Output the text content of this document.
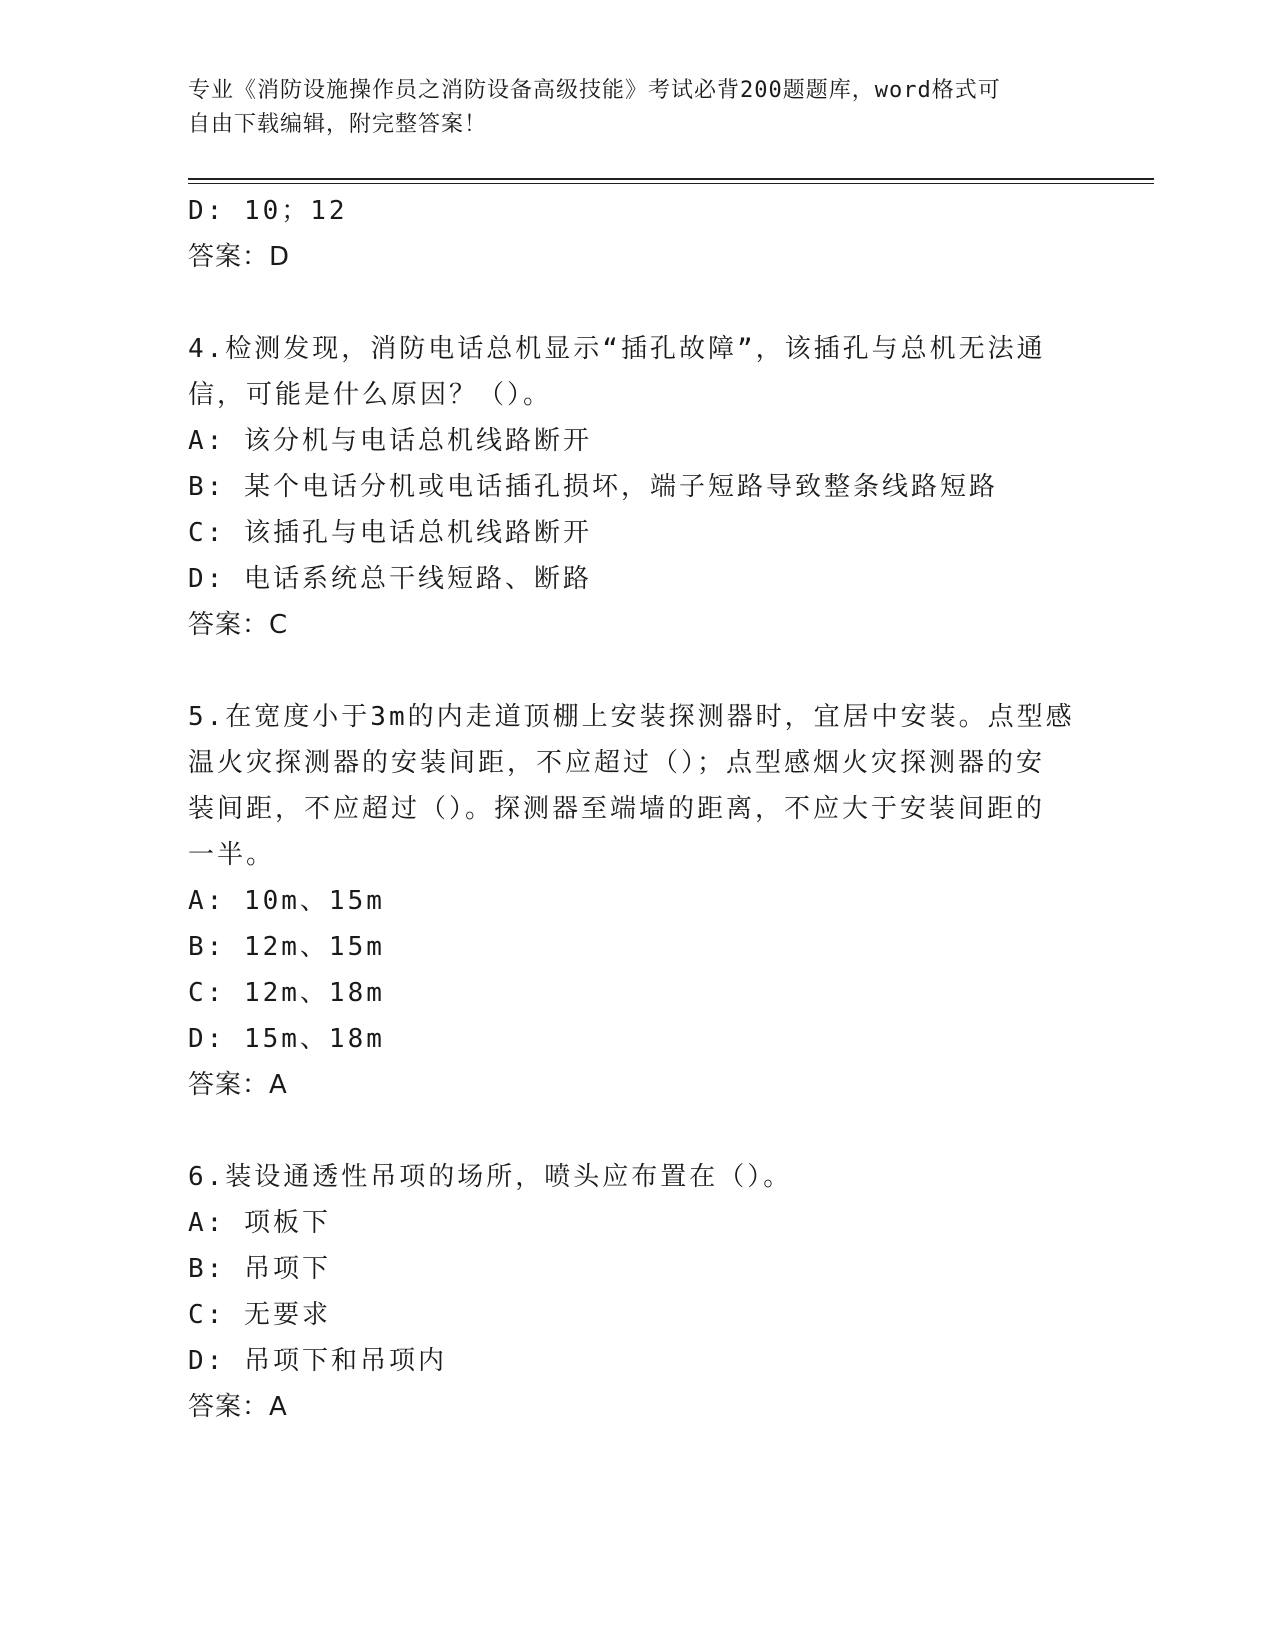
专业《消防设施操作员之消防设备高级技能》考试必背200题题库，word格式可
自由下载编辑，附完整答案！
D: 10；12
答案：D
4.检测发现，消防电话总机显示“插孔故障”，该插孔与总机无法通
信，可能是什么原因？（）。
A: 该分机与电话总机线路断开
B: 某个电话分机或电话插孔损坏，端子短路导致整条线路短路
C: 该插孔与电话总机线路断开
D: 电话系统总干线短路、断路
答案：C
5.在宽度小于3m的内走道顶棚上安装探测器时，宜居中安装。点型感
温火灾探测器的安装间距，不应超过（）；点型感烟火灾探测器的安
装间距，不应超过（）。探测器至端墙的距离，不应大于安装间距的
一半。
A: 10m、15m
B: 12m、15m
C: 12m、18m
D: 15m、18m
答案：A
6.装设通透性吊项的场所，喷头应布置在（）。
A: 项板下
B: 吊项下
C: 无要求
D: 吊项下和吊项内
答案：A
